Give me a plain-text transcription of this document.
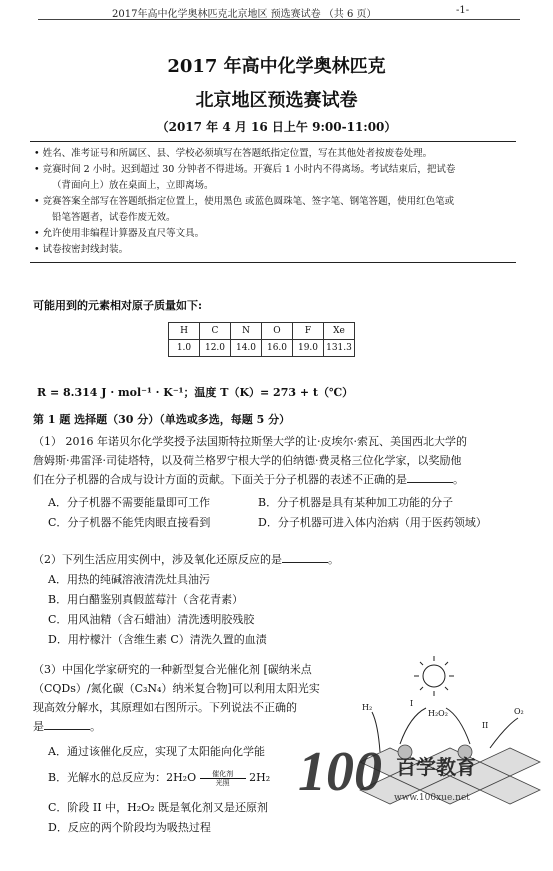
2017年高中化学奥林匹克北京地区 预选赛试卷 （共 6 页）	-1-
2017 年高中化学奥林匹克
北京地区预选赛试卷
（2017 年 4 月 16 日上午 9:00-11:00）
• 姓名、准考证号和所属区、县、学校必须填写在答题纸指定位置，写在其他处者按废卷处理。
• 竞赛时间 2 小时。迟到超过 30 分钟者不得进场。开赛后 1 小时内不得离场。考试结束后，把试卷
（背面向上）放在桌面上，立即离场。
• 竞赛答案全部写在答题纸指定位置上，使用黑色 或蓝色圆珠笔、签字笔、钢笔答题，使用红色笔或
铅笔答题者，试卷作废无效。
• 允许使用非编程计算器及直尺等文具。
• 试卷按密封线封装。
可能用到的元素相对原子质量如下:
H	C	N	O	F	Xe
1.0	12.0	14.0	16.0	19.0	131.3
R = 8.314 J · mol⁻¹ · K⁻¹；温度 T（K）= 273 + t（℃）
第 1 题 选择题（30 分）（单选或多选，每题 5 分）
（1） 2016 年诺贝尔化学奖授予法国斯特拉斯堡大学的让·皮埃尔·索瓦、美国西北大学的
詹姆斯·弗雷泽·司徒塔特，以及荷兰格罗宁根大学的伯纳德·费灵格三位化学家，以奖励他
们在分子机器的合成与设计方面的贡献。下面关于分子机器的表述不正确的是	。
A．分子机器不需要能量即可工作	B．分子机器是具有某种加工功能的分子
C．分子机器不能凭肉眼直接看到	D．分子机器可进入体内治病（用于医药领域）
（2）下列生活应用实例中，涉及氧化还原反应的是	。
A．用热的纯碱溶液清洗灶具油污
B．用白醋鉴别真假蓝莓汁（含花青素）
C．用风油精（含石蜡油）清洗透明胶残胶
D．用柠檬汁（含维生素 C）清洗久置的血渍
（3）中国化学家研究的一种新型复合光催化剂 [碳纳米点
（CQDs）/氮化碳（C₃N₄）纳米复合物]可以利用太阳光实
现高效分解水，其原理如右图所示。下列说法不正确的
是	。
A．通过该催化反应，实现了太阳能向化学能
B．光解水的总反应为：2H₂O	催化剂
光照	2H₂
C．阶段 II 中，H₂O₂ 既是氧化剂又是还原剂
D．反应的两个阶段均为吸热过程
H₂	I
H₂O₂
II
O₂
100 百学教育
www.100xue.net
